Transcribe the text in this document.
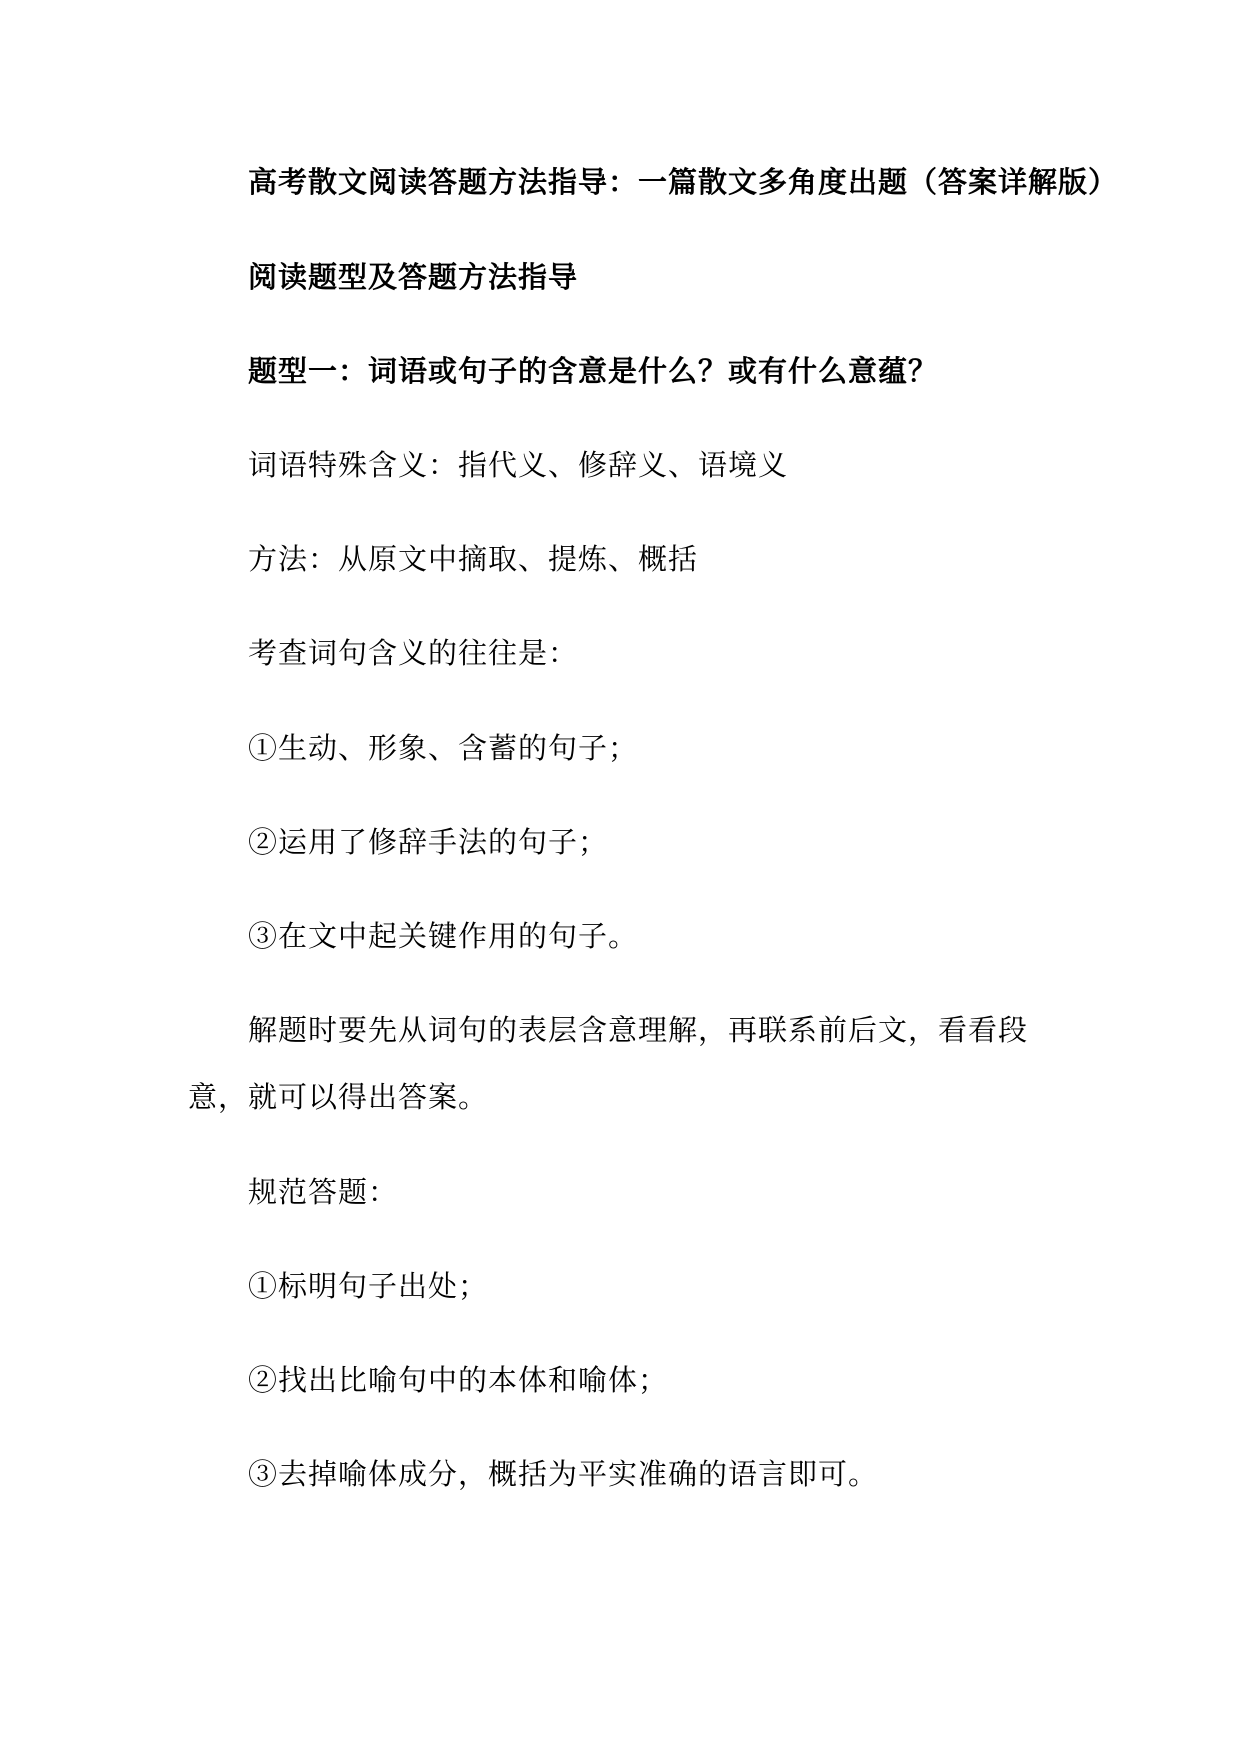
高考散文阅读答题方法指导：一篇散文多角度出题（答案详解版）
阅读题型及答题方法指导
题型一：词语或句子的含意是什么？或有什么意蕴？
词语特殊含义：指代义、修辞义、语境义
方法：从原文中摘取、提炼、概括
考查词句含义的往往是：
①生动、形象、含蓄的句子；
②运用了修辞手法的句子；
③在文中起关键作用的句子。
解题时要先从词句的表层含意理解，再联系前后文，看看段
意，就可以得出答案。
规范答题：
①标明句子出处；
②找出比喻句中的本体和喻体；
③去掉喻体成分，概括为平实准确的语言即可。
